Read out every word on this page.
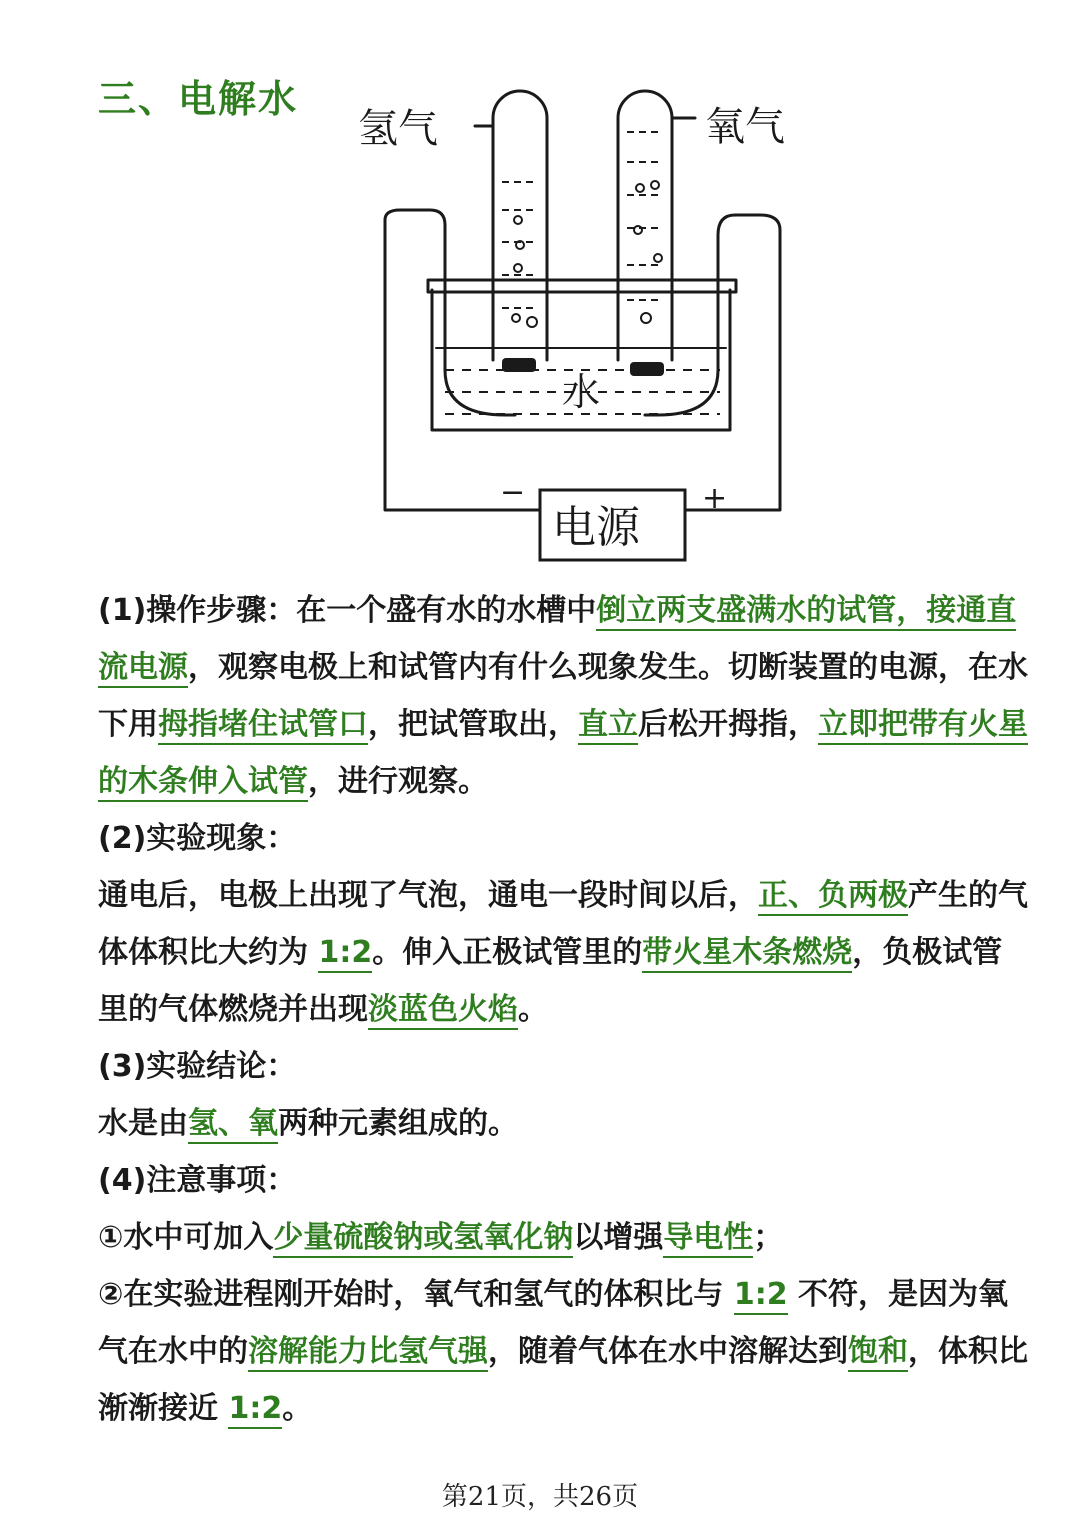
三、电解水
氢气	氧气
水
电源
−	+

(1)操作步骤：在一个盛有水的水槽中倒立两支盛满水的试管，接通直流电源，观察电极上和试管内有什么现象发生。切断装置的电源，在水下用拇指堵住试管口，把试管取出，直立后松开拇指，立即把带有火星的木条伸入试管，进行观察。

(2)实验现象：

通电后，电极上出现了气泡，通电一段时间以后，正、负两极产生的气体体积比大约为 1:2。伸入正极试管里的带火星木条燃烧，负极试管里的气体燃烧并出现淡蓝色火焰。

(3)实验结论：

水是由氢、氧两种元素组成的。

(4)注意事项：

①水中可加入少量硫酸钠或氢氧化钠以增强导电性；

②在实验进程刚开始时，氧气和氢气的体积比与 1:2 不符，是因为氧气在水中的溶解能力比氢气强，随着气体在水中溶解达到饱和，体积比渐渐接近 1:2。

第21页，共26页
